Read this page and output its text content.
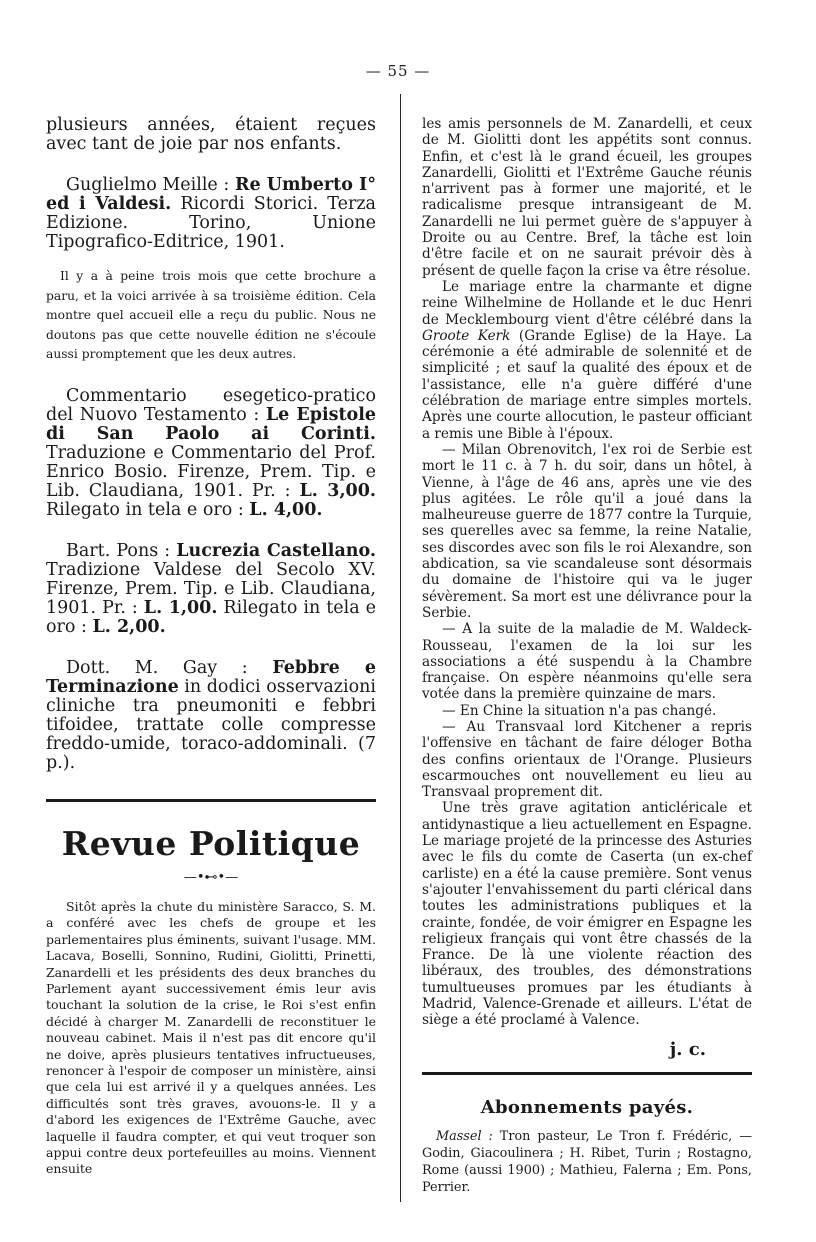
— 55 —

plusieurs années, étaient reçues avec tant de joie par nos enfants.

Guglielmo Meille : Re Umberto I° ed i Valdesi. Ricordi Storici. Terza Edizione. Torino, Unione Tipografico-Editrice, 1901.

Il y a à peine trois mois que cette brochure a paru, et la voici arrivée à sa troisième édition. Cela montre quel accueil elle a reçu du public. Nous ne doutons pas que cette nouvelle édition ne s'écoule aussi promptement que les deux autres.

Commentario esegetico-pratico del Nuovo Testamento : Le Epistole di San Paolo ai Corinti. Traduzione e Commentario del Prof. Enrico Bosio. Firenze, Prem. Tip. e Lib. Claudiana, 1901. Pr. : L. 3,00. Rilegato in tela e oro : L. 4,00.

Bart. Pons : Lucrezia Castellano. Tradizione Valdese del Secolo XV. Firenze, Prem. Tip. e Lib. Claudiana, 1901. Pr. : L. 1,00. Rilegato in tela e oro : L. 2,00.

Dott. M. Gay : Febbre e Terminazione in dodici osservazioni cliniche tra pneumoniti e febbri tifoidee, trattate colle compresse freddo-umide, toraco-addominali. (7 p.).

Revue Politique
—•⊷•—

Sitôt après la chute du ministère Saracco, S. M. a conféré avec les chefs de groupe et les parlementaires plus éminents, suivant l'usage. MM. Lacava, Boselli, Sonnino, Rudini, Giolitti, Prinetti, Zanardelli et les présidents des deux branches du Parlement ayant successivement émis leur avis touchant la solution de la crise, le Roi s'est enfin décidé à charger M. Zanardelli de reconstituer le nouveau cabinet. Mais il n'est pas dit encore qu'il ne doive, après plusieurs tentatives infructueuses, renoncer à l'espoir de composer un ministère, ainsi que cela lui est arrivé il y a quelques années. Les difficultés sont très graves, avouons-le. Il y a d'abord les exigences de l'Extrême Gauche, avec laquelle il faudra compter, et qui veut troquer son appui contre deux portefeuilles au moins. Viennent ensuite

les amis personnels de M. Zanardelli, et ceux de M. Giolitti dont les appétits sont connus. Enfin, et c'est là le grand écueil, les groupes Zanardelli, Giolitti et l'Extrême Gauche réunis n'arrivent pas à former une majorité, et le radicalisme presque intransigeant de M. Zanardelli ne lui permet guère de s'appuyer à Droite ou au Centre. Bref, la tâche est loin d'être facile et on ne saurait prévoir dès à présent de quelle façon la crise va être résolue.

Le mariage entre la charmante et digne reine Wilhelmine de Hollande et le duc Henri de Mecklembourg vient d'être célébré dans la Groote Kerk (Grande Eglise) de la Haye. La cérémonie a été admirable de solennité et de simplicité ; et sauf la qualité des époux et de l'assistance, elle n'a guère différé d'une célébration de mariage entre simples mortels. Après une courte allocution, le pasteur officiant a remis une Bible à l'époux.

— Milan Obrenovitch, l'ex roi de Serbie est mort le 11 c. à 7 h. du soir, dans un hôtel, à Vienne, à l'âge de 46 ans, après une vie des plus agitées. Le rôle qu'il a joué dans la malheureuse guerre de 1877 contre la Turquie, ses querelles avec sa femme, la reine Natalie, ses discordes avec son fils le roi Alexandre, son abdication, sa vie scandaleuse sont désormais du domaine de l'histoire qui va le juger sévèrement. Sa mort est une délivrance pour la Serbie.

— A la suite de la maladie de M. Waldeck-Rousseau, l'examen de la loi sur les associations a été suspendu à la Chambre française. On espère néanmoins qu'elle sera votée dans la première quinzaine de mars.

— En Chine la situation n'a pas changé.

— Au Transvaal lord Kitchener a repris l'offensive en tâchant de faire déloger Botha des confins orientaux de l'Orange. Plusieurs escarmouches ont nouvellement eu lieu au Transvaal proprement dit.

Une très grave agitation anticléricale et antidynastique a lieu actuellement en Espagne. Le mariage projeté de la princesse des Asturies avec le fils du comte de Caserta (un ex-chef carliste) en a été la cause première. Sont venus s'ajouter l'envahissement du parti clérical dans toutes les administrations publiques et la crainte, fondée, de voir émigrer en Espagne les religieux français qui vont être chassés de la France. De là une violente réaction des libéraux, des troubles, des démonstrations tumultueuses promues par les étudiants à Madrid, Valence-Grenade et ailleurs. L'état de siège a été proclamé à Valence.

j. c.
Abonnements payés.

Massel : Tron pasteur, Le Tron f. Frédéric, — Godin, Giacoulinera ; H. Ribet, Turin ; Rostagno, Rome (aussi 1900) ; Mathieu, Falerna ; Em. Pons, Perrier.
